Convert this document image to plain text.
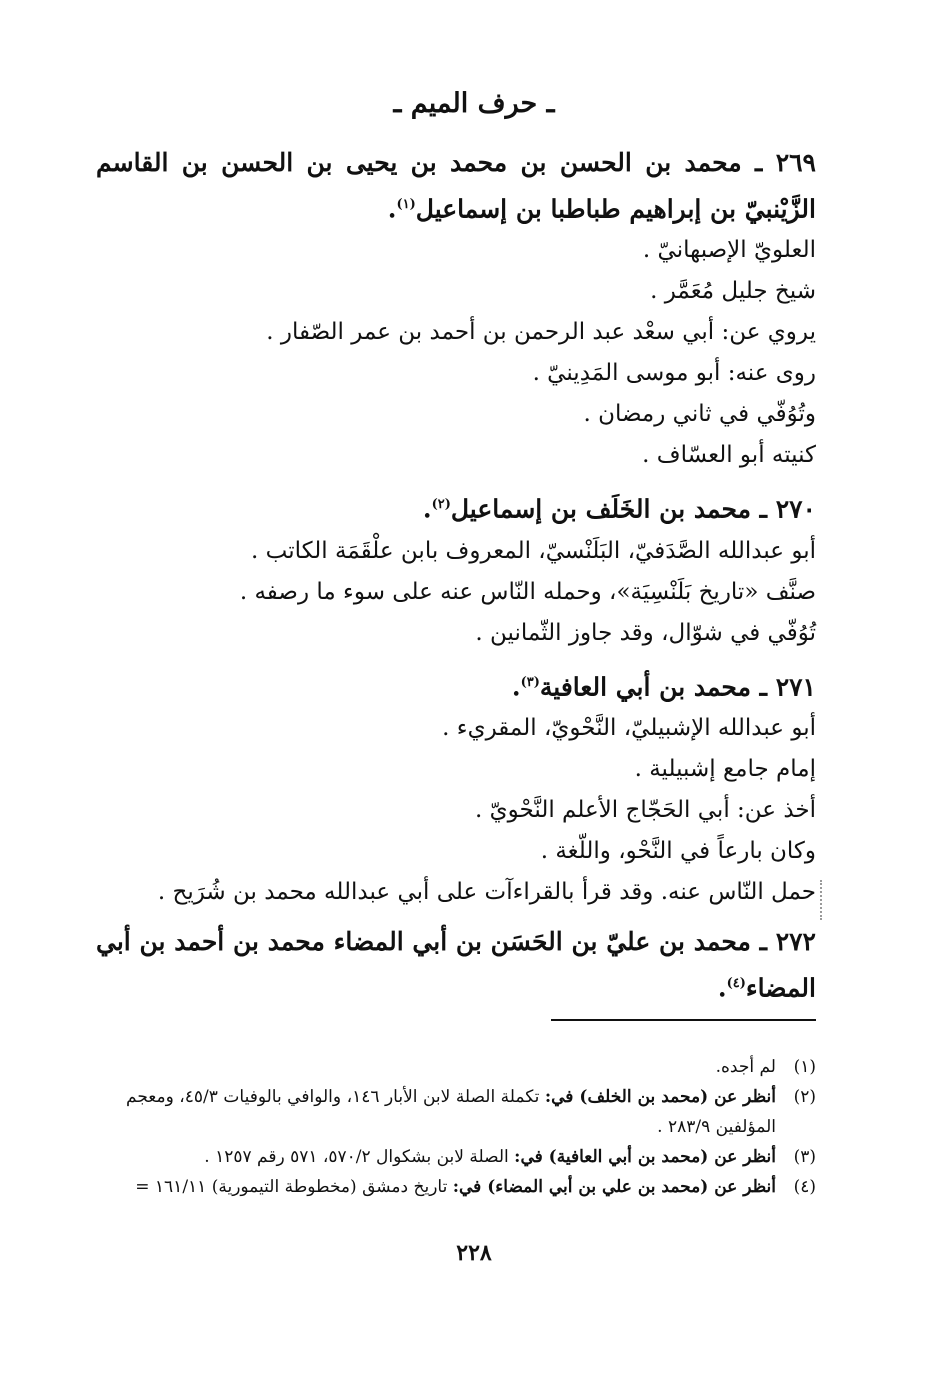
ـ حرف الميم ـ
٢٦٩ ـ محمد بن الحسن بن محمد بن يحيى بن الحسن بن القاسم الزَّيْنبيّ بن إبراهيم طباطبا بن إسماعيل$^{(١)}$.
العلويّ الإصبهانيّ .
شيخ جليل مُعَمَّر .
يروي عن: أبي سعْد عبد الرحمن بن أحمد بن عمر الصّفار .
روى عنه: أبو موسى المَدِينيّ .
وتُوُفّي في ثاني رمضان .
كنيته أبو العسّاف .
٢٧٠ ـ محمد بن الخَلَف بن إسماعيل$^{(٢)}$.
أبو عبدالله الصَّدَفيّ، البَلَنْسيّ، المعروف بابن علْقَمَة الكاتب .
صنَّف «تاريخ بَلَنْسِيَة»، وحمله النّاس عنه على سوء ما رصفه .
تُوُفّي في شوّال، وقد جاوز الثّمانين .
٢٧١ ـ محمد بن أبي العافية$^{(٣)}$.
أبو عبدالله الإشبيليّ، النَّحْويّ، المقريء .
إمام جامع إشبيلية .
أخذ عن: أبي الحَجّاج الأعلم النَّحْويّ .
وكان بارعاً في النَّحْو، واللّغة .
حمل النّاس عنه. وقد قرأ بالقراءآت على أبي عبدالله محمد بن شُرَيح .
٢٧٢ ـ محمد بن عليّ بن الحَسَن بن أبي المضاء محمد بن أحمد بن أبي المضاء$^{(٤)}$.
(١)
لم أجده.
(٢)
أنظر عن (محمد بن الخلف) في: تكملة الصلة لابن الأبار ١٤٦، والوافي بالوفيات ٤٥/٣، ومعجم المؤلفين ٢٨٣/٩ .
(٣)
أنظر عن (محمد بن أبي العافية) في: الصلة لابن بشكوال ٥٧٠/٢، ٥٧١ رقم ١٢٥٧ .
(٤)
أنظر عن (محمد بن علي بن أبي المضاء) في: تاريخ دمشق (مخطوطة التيمورية) ١٦١/١١ =
٢٢٨
